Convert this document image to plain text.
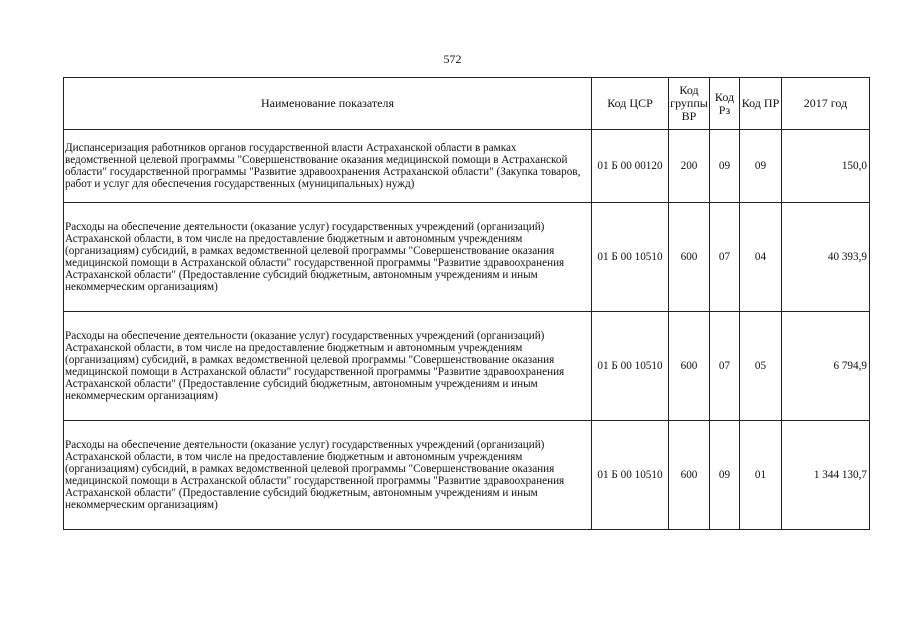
572
Наименование показателя	Код ЦСР	Код группы ВР	Код Рз	Код ПР	2017 год
Диспансеризация работников органов государственной власти Астраханской области в рамках ведомственной целевой программы "Совершенствование оказания медицинской помощи в Астраханской области" государственной программы "Развитие здравоохранения Астраханской области" (Закупка товаров, работ и услуг для обеспечения государственных (муниципальных) нужд)	01 Б 00 00120	200	09	09	150,0
Расходы на обеспечение деятельности (оказание услуг) государственных учреждений (организаций) Астраханской области, в том числе на предоставление бюджетным и автономным учреждениям (организациям) субсидий, в рамках ведомственной целевой программы "Совершенствование оказания медицинской помощи в Астраханской области" государственной программы "Развитие здравоохранения Астраханской области" (Предоставление субсидий бюджетным, автономным учреждениям и иным некоммерческим организациям)	01 Б 00 10510	600	07	04	40 393,9
Расходы на обеспечение деятельности (оказание услуг) государственных учреждений (организаций) Астраханской области, в том числе на предоставление бюджетным и автономным учреждениям (организациям) субсидий, в рамках ведомственной целевой программы "Совершенствование оказания медицинской помощи в Астраханской области" государственной программы "Развитие здравоохранения Астраханской области" (Предоставление субсидий бюджетным, автономным учреждениям и иным некоммерческим организациям)	01 Б 00 10510	600	07	05	6 794,9
Расходы на обеспечение деятельности (оказание услуг) государственных учреждений (организаций) Астраханской области, в том числе на предоставление бюджетным и автономным учреждениям (организациям) субсидий, в рамках ведомственной целевой программы "Совершенствование оказания медицинской помощи в Астраханской области" государственной программы "Развитие здравоохранения Астраханской области" (Предоставление субсидий бюджетным, автономным учреждениям и иным некоммерческим организациям)	01 Б 00 10510	600	09	01	1 344 130,7
